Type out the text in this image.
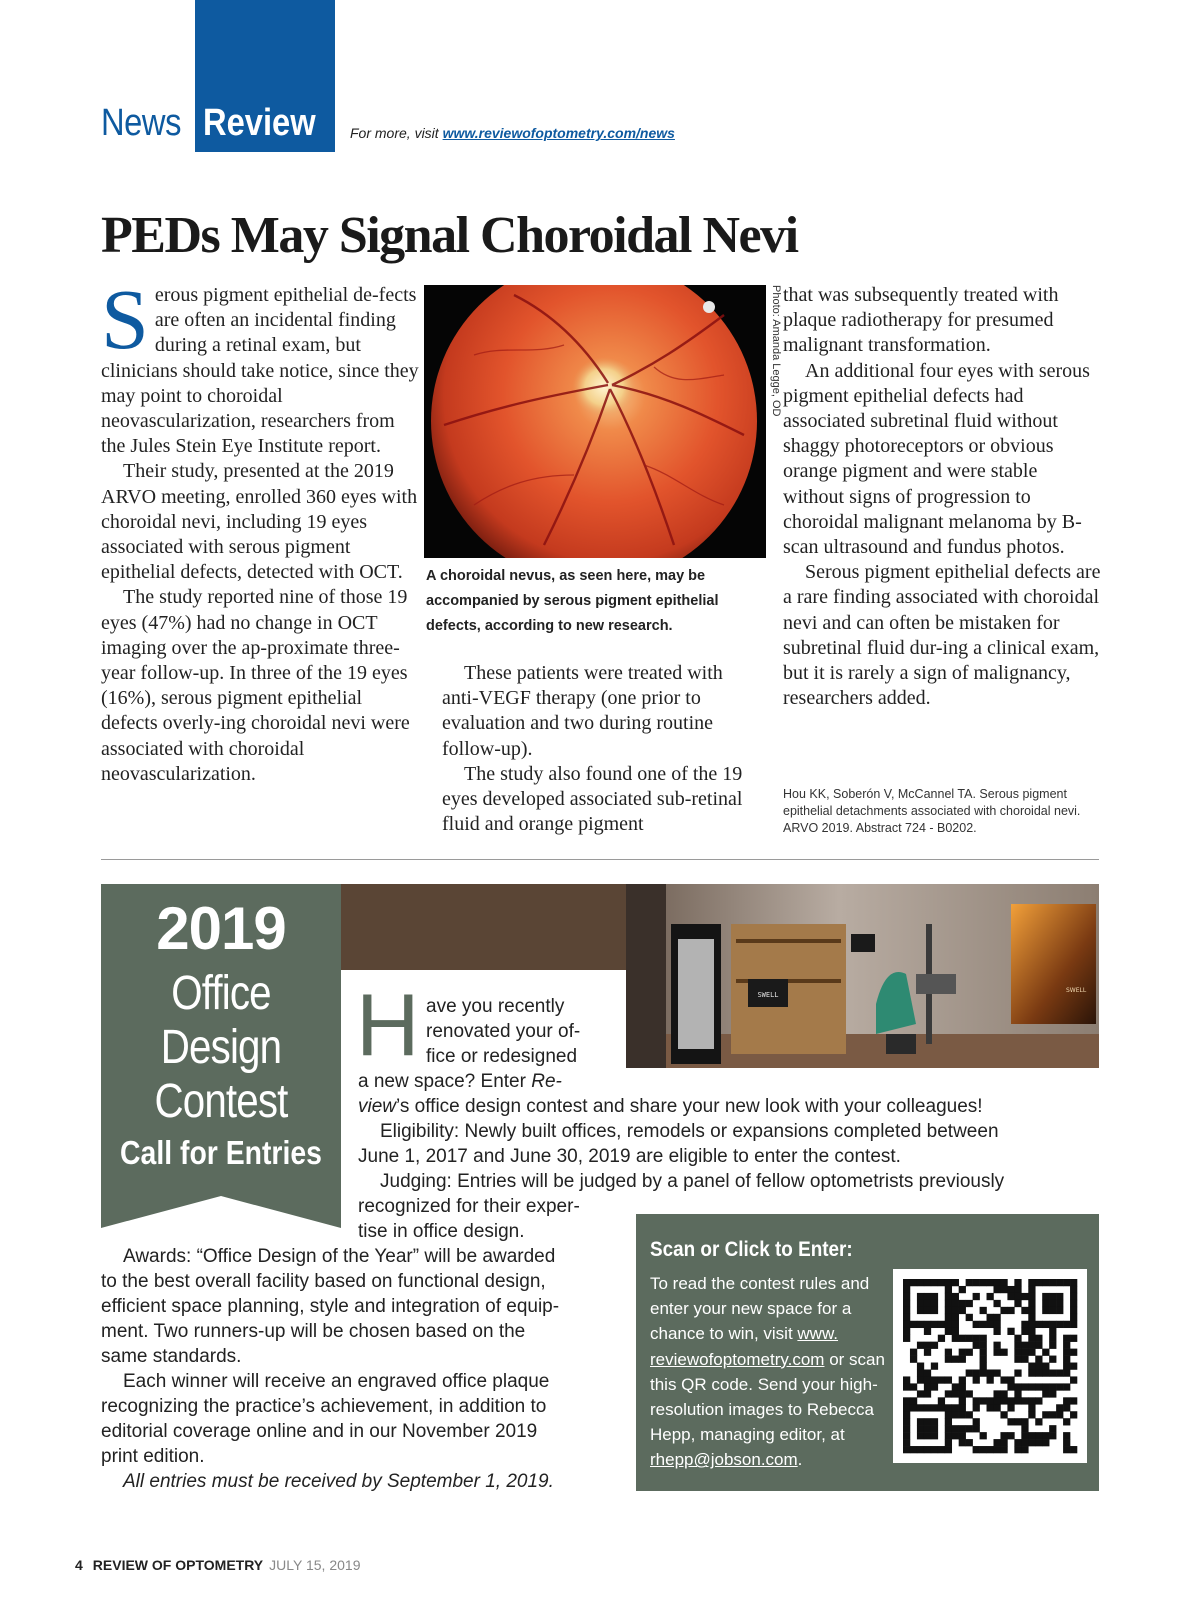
News Review For more, visit www.reviewofoptometry.com/news
PEDs May Signal Choroidal Nevi

Serous pigment epithelial de-fects are often an incidental finding during a retinal exam, but clinicians should take notice, since they may point to choroidal neovascularization, researchers from the Jules Stein Eye Institute report.

Their study, presented at the 2019 ARVO meeting, enrolled 360 eyes with choroidal nevi, including 19 eyes associated with serous pigment epithelial defects, detected with OCT.

The study reported nine of those 19 eyes (47%) had no change in OCT imaging over the ap-proximate three-year follow-up. In three of the 19 eyes (16%), serous pigment epithelial defects overly-ing choroidal nevi were associated with choroidal neovascularization.

Photo: Amanda Legge, OD
A choroidal nevus, as seen here, may be accompanied by serous pigment epithelial defects, according to new research.

These patients were treated with anti-VEGF therapy (one prior to evaluation and two during routine follow-up).

The study also found one of the 19 eyes developed associated sub-retinal fluid and orange pigment

that was subsequently treated with plaque radiotherapy for presumed malignant transformation.

An additional four eyes with serous pigment epithelial defects had associated subretinal fluid without shaggy photoreceptors or obvious orange pigment and were stable without signs of progression to choroidal malignant melanoma by B-scan ultrasound and fundus photos.

Serous pigment epithelial defects are a rare finding associated with choroidal nevi and can often be mistaken for subretinal fluid dur-ing a clinical exam, but it is rarely a sign of malignancy, researchers added.

Hou KK, Soberón V, McCannel TA. Serous pigment epithelial detachments associated with choroidal nevi. ARVO 2019. Abstract 724 - B0202.
2019
Office
Design
Contest
Call for Entries
SWELL
SWELL
H ave you recently
renovated your of-
fice or redesigned
a new space? Enter Re-
view’s office design contest and share your new look with your colleagues!
Eligibility: Newly built offices, remodels or expansions completed between
June 1, 2017 and June 30, 2019 are eligible to enter the contest.
Judging: Entries will be judged by a panel of fellow optometrists previously
recognized for their exper-
tise in office design.
Awards: “Office Design of the Year” will be awarded
to the best overall facility based on functional design,
efficient space planning, style and integration of equip-
ment. Two runners-up will be chosen based on the
same standards.
Each winner will receive an engraved office plaque
recognizing the practice’s achievement, in addition to
editorial coverage online and in our November 2019
print edition.
All entries must be received by September 1, 2019.
Scan or Click to Enter:
To read the contest rules and
enter your new space for a
chance to win, visit www.
reviewofoptometry.com or scan
this QR code. Send your high-
resolution images to Rebecca
Hepp, managing editor, at
rhepp@jobson.com.
4 REVIEW OF OPTOMETRY JULY 15, 2019
